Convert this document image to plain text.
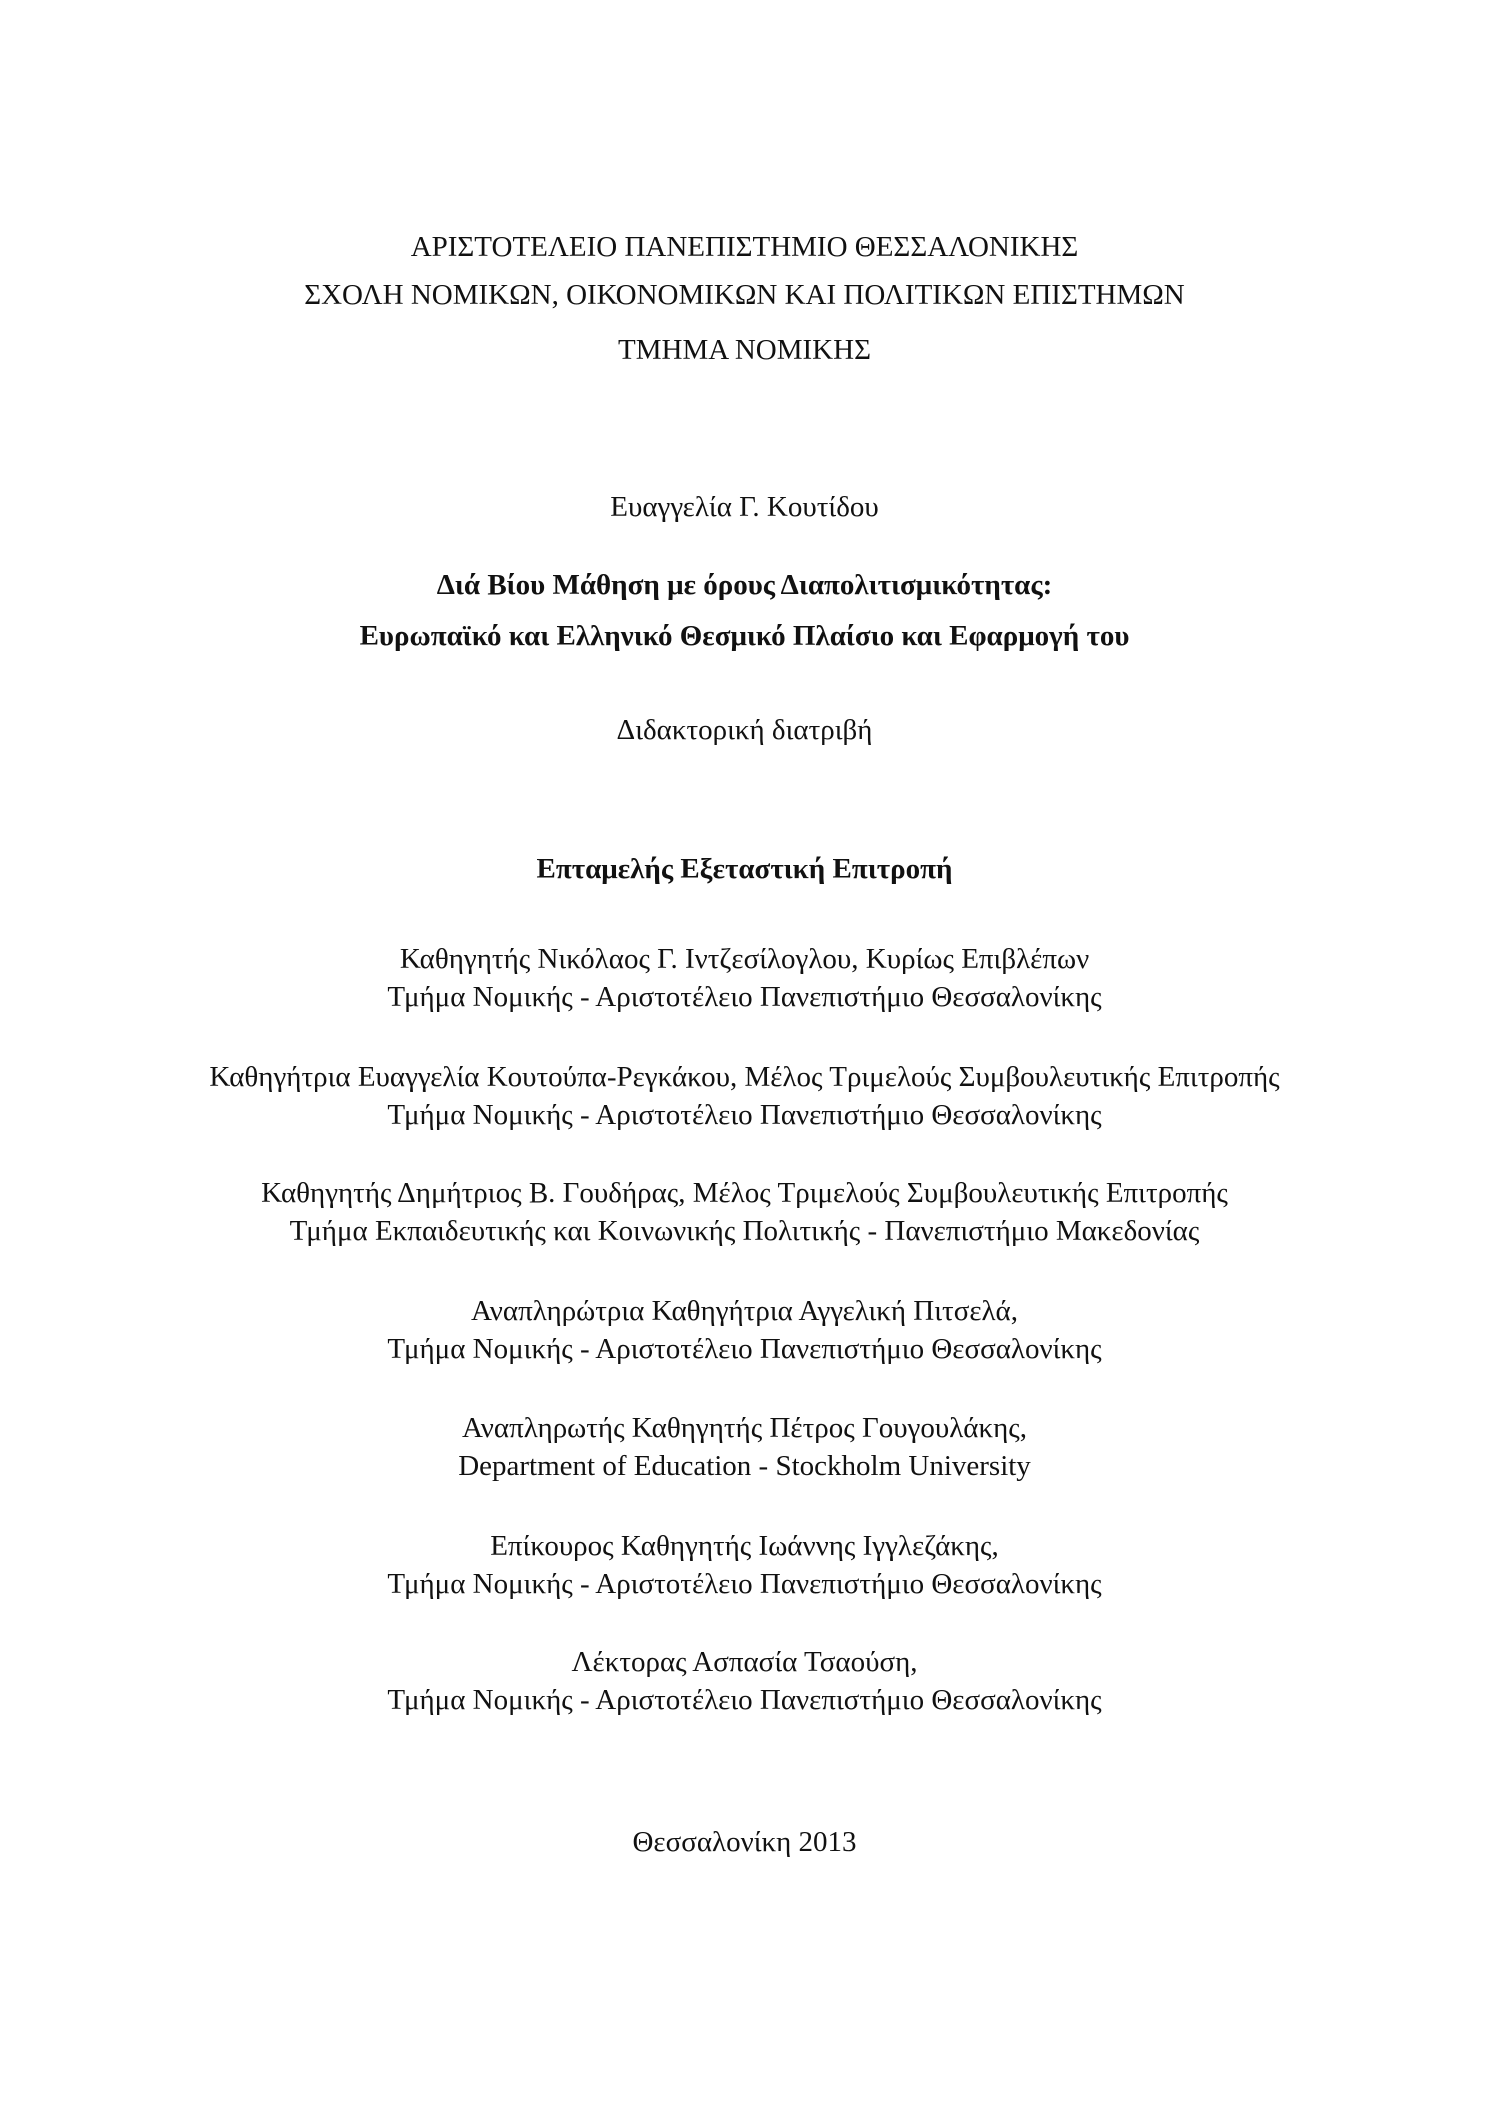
ΑΡΙΣΤΟΤΕΛΕΙΟ ΠΑΝΕΠΙΣΤΗΜΙΟ ΘΕΣΣΑΛΟΝΙΚΗΣ
ΣΧΟΛΗ ΝΟΜΙΚΩΝ, ΟΙΚΟΝΟΜΙΚΩΝ ΚΑΙ ΠΟΛΙΤΙΚΩΝ ΕΠΙΣΤΗΜΩΝ
ΤΜΗΜΑ ΝΟΜΙΚΗΣ
Ευαγγελία Γ. Κουτίδου
Διά Βίου Μάθηση με όρους Διαπολιτισμικότητας:
Ευρωπαϊκό και Ελληνικό Θεσμικό Πλαίσιο και Εφαρμογή του
Διδακτορική διατριβή
Επταμελής Εξεταστική Επιτροπή
Καθηγητής Νικόλαος Γ. Ιντζεσίλογλου, Κυρίως Επιβλέπων
Τμήμα Νομικής - Αριστοτέλειο Πανεπιστήμιο Θεσσαλονίκης
Καθηγήτρια Ευαγγελία Κουτούπα-Ρεγκάκου, Μέλος Τριμελούς Συμβουλευτικής Επιτροπής
Τμήμα Νομικής - Αριστοτέλειο Πανεπιστήμιο Θεσσαλονίκης
Καθηγητής Δημήτριος Β. Γουδήρας, Μέλος Τριμελούς Συμβουλευτικής Επιτροπής
Τμήμα Εκπαιδευτικής και Κοινωνικής Πολιτικής - Πανεπιστήμιο Μακεδονίας
Αναπληρώτρια Καθηγήτρια Αγγελική Πιτσελά,
Τμήμα Νομικής - Αριστοτέλειο Πανεπιστήμιο Θεσσαλονίκης
Αναπληρωτής Καθηγητής Πέτρος Γουγουλάκης,
Department of Education - Stockholm University
Επίκουρος Καθηγητής Ιωάννης Ιγγλεζάκης,
Τμήμα Νομικής - Αριστοτέλειο Πανεπιστήμιο Θεσσαλονίκης
Λέκτορας Ασπασία Τσαούση,
Τμήμα Νομικής - Αριστοτέλειο Πανεπιστήμιο Θεσσαλονίκης
Θεσσαλονίκη 2013
